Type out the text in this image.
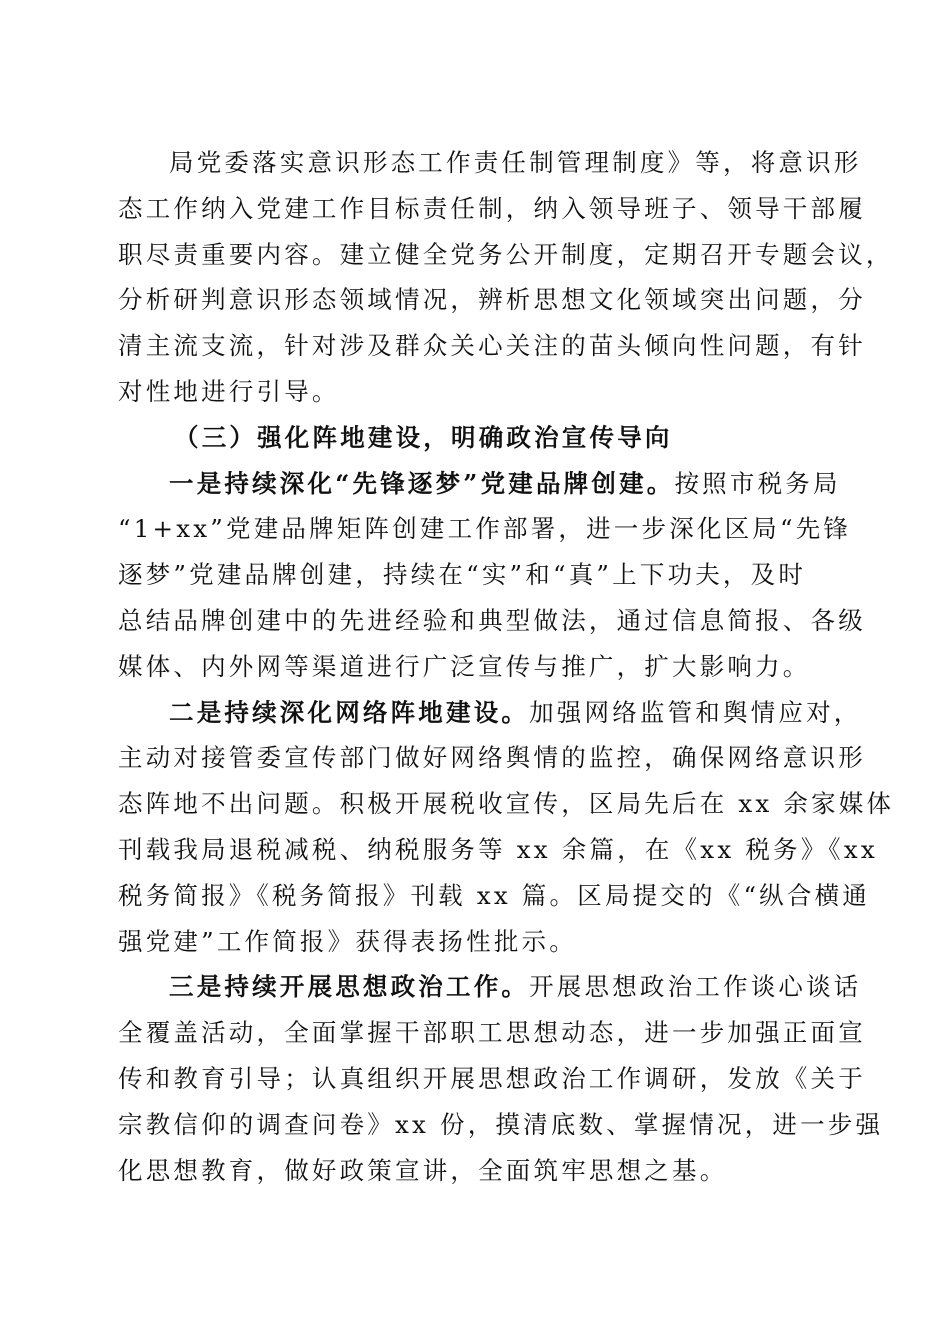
局党委落实意识形态工作责任制管理制度》等，将意识形
态工作纳入党建工作目标责任制，纳入领导班子、领导干部履
职尽责重要内容。建立健全党务公开制度，定期召开专题会议，
分析研判意识形态领域情况，辨析思想文化领域突出问题，分
清主流支流，针对涉及群众关心关注的苗头倾向性问题，有针
对性地进行引导。
（三）强化阵地建设，明确政治宣传导向
一是持续深化“先锋逐梦”党建品牌创建。按照市税务局
“1+xx”党建品牌矩阵创建工作部署，进一步深化区局“先锋
逐梦”党建品牌创建，持续在“实”和“真”上下功夫，及时
总结品牌创建中的先进经验和典型做法，通过信息简报、各级
媒体、内外网等渠道进行广泛宣传与推广，扩大影响力。
二是持续深化网络阵地建设。加强网络监管和舆情应对，
主动对接管委宣传部门做好网络舆情的监控，确保网络意识形
态阵地不出问题。积极开展税收宣传，区局先后在 xx 余家媒体
刊载我局退税减税、纳税服务等 xx 余篇，在《xx 税务》《xx
税务简报》《税务简报》刊载 xx 篇。区局提交的《“纵合横通
强党建”工作简报》获得表扬性批示。
三是持续开展思想政治工作。开展思想政治工作谈心谈话
全覆盖活动，全面掌握干部职工思想动态，进一步加强正面宣
传和教育引导；认真组织开展思想政治工作调研，发放《关于
宗教信仰的调查问卷》xx 份，摸清底数、掌握情况，进一步强
化思想教育，做好政策宣讲，全面筑牢思想之基。
